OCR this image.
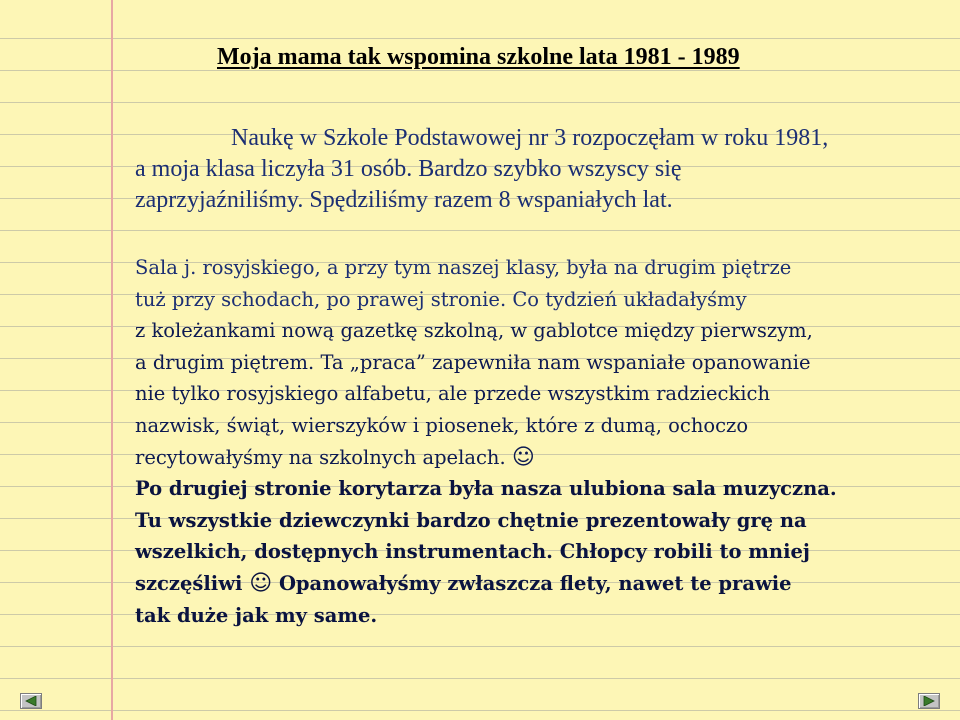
Moja mama tak wspomina szkolne lata 1981 - 1989
Naukę w Szkole Podstawowej nr 3 rozpoczęłam w roku 1981,
a moja klasa liczyła 31 osób. Bardzo szybko wszyscy się
zaprzyjaźniliśmy. Spędziliśmy razem 8 wspaniałych lat.
Sala j. rosyjskiego, a przy tym naszej klasy, była na drugim piętrze
tuż przy schodach, po prawej stronie. Co tydzień układałyśmy
z koleżankami nową gazetkę szkolną, w gablotce między pierwszym,
a drugim piętrem. Ta „praca” zapewniła nam wspaniałe opanowanie
nie tylko rosyjskiego alfabetu, ale przede wszystkim radzieckich
nazwisk, świąt, wierszyków i piosenek, które z dumą, ochoczo
recytowałyśmy na szkolnych apelach. ☺
Po drugiej stronie korytarza była nasza ulubiona sala muzyczna.
Tu wszystkie dziewczynki bardzo chętnie prezentowały grę na
wszelkich, dostępnych instrumentach. Chłopcy robili to mniej
szczęśliwi ☺ Opanowałyśmy zwłaszcza flety, nawet te prawie
tak duże jak my same.
